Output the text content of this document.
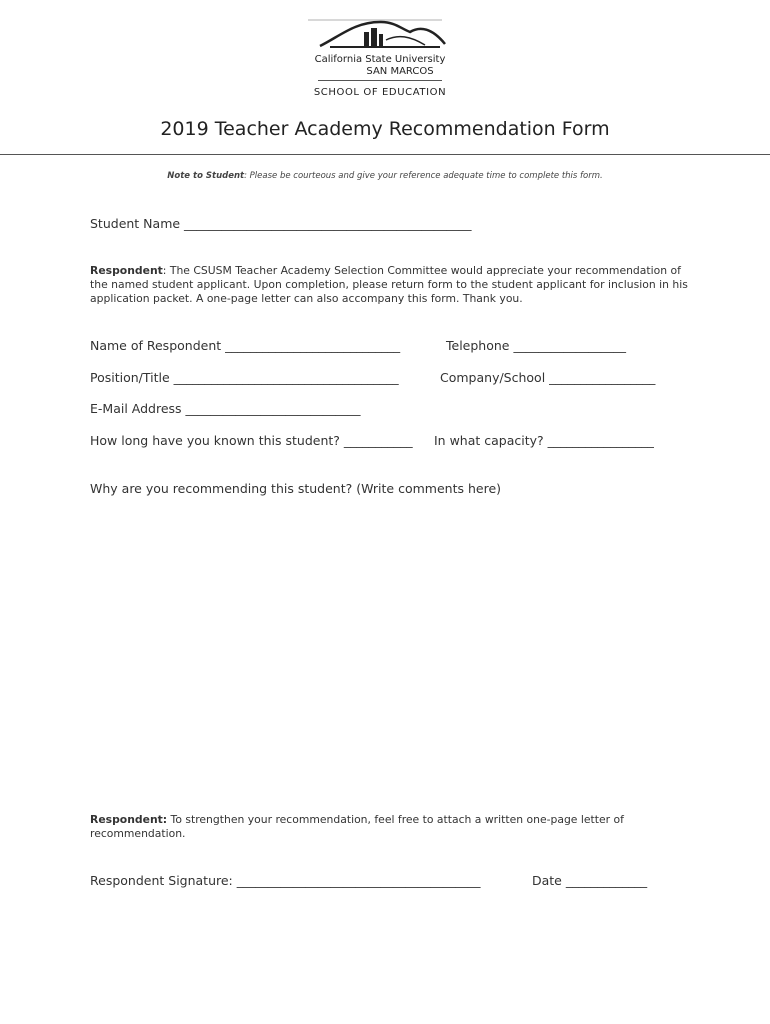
California State University
SAN MARCOS
SCHOOL OF EDUCATION
2019 Teacher Academy Recommendation Form
Note to Student: Please be courteous and give your reference adequate time to complete this form.
Student Name ______________________________________________
Respondent: The CSUSM Teacher Academy Selection Committee would appreciate your recommendation of the named student applicant. Upon completion, please return form to the student applicant for inclusion in his application packet. A one-page letter can also accompany this form. Thank you.
Name of Respondent ____________________________	Telephone __________________
Position/Title ____________________________________	Company/School _________________
E-Mail Address ____________________________
How long have you known this student? ___________ In what capacity? _________________
Why are you recommending this student? (Write comments here)
Respondent: To strengthen your recommendation, feel free to attach a written one-page letter of recommendation.
Respondent Signature: _______________________________________	Date _____________
